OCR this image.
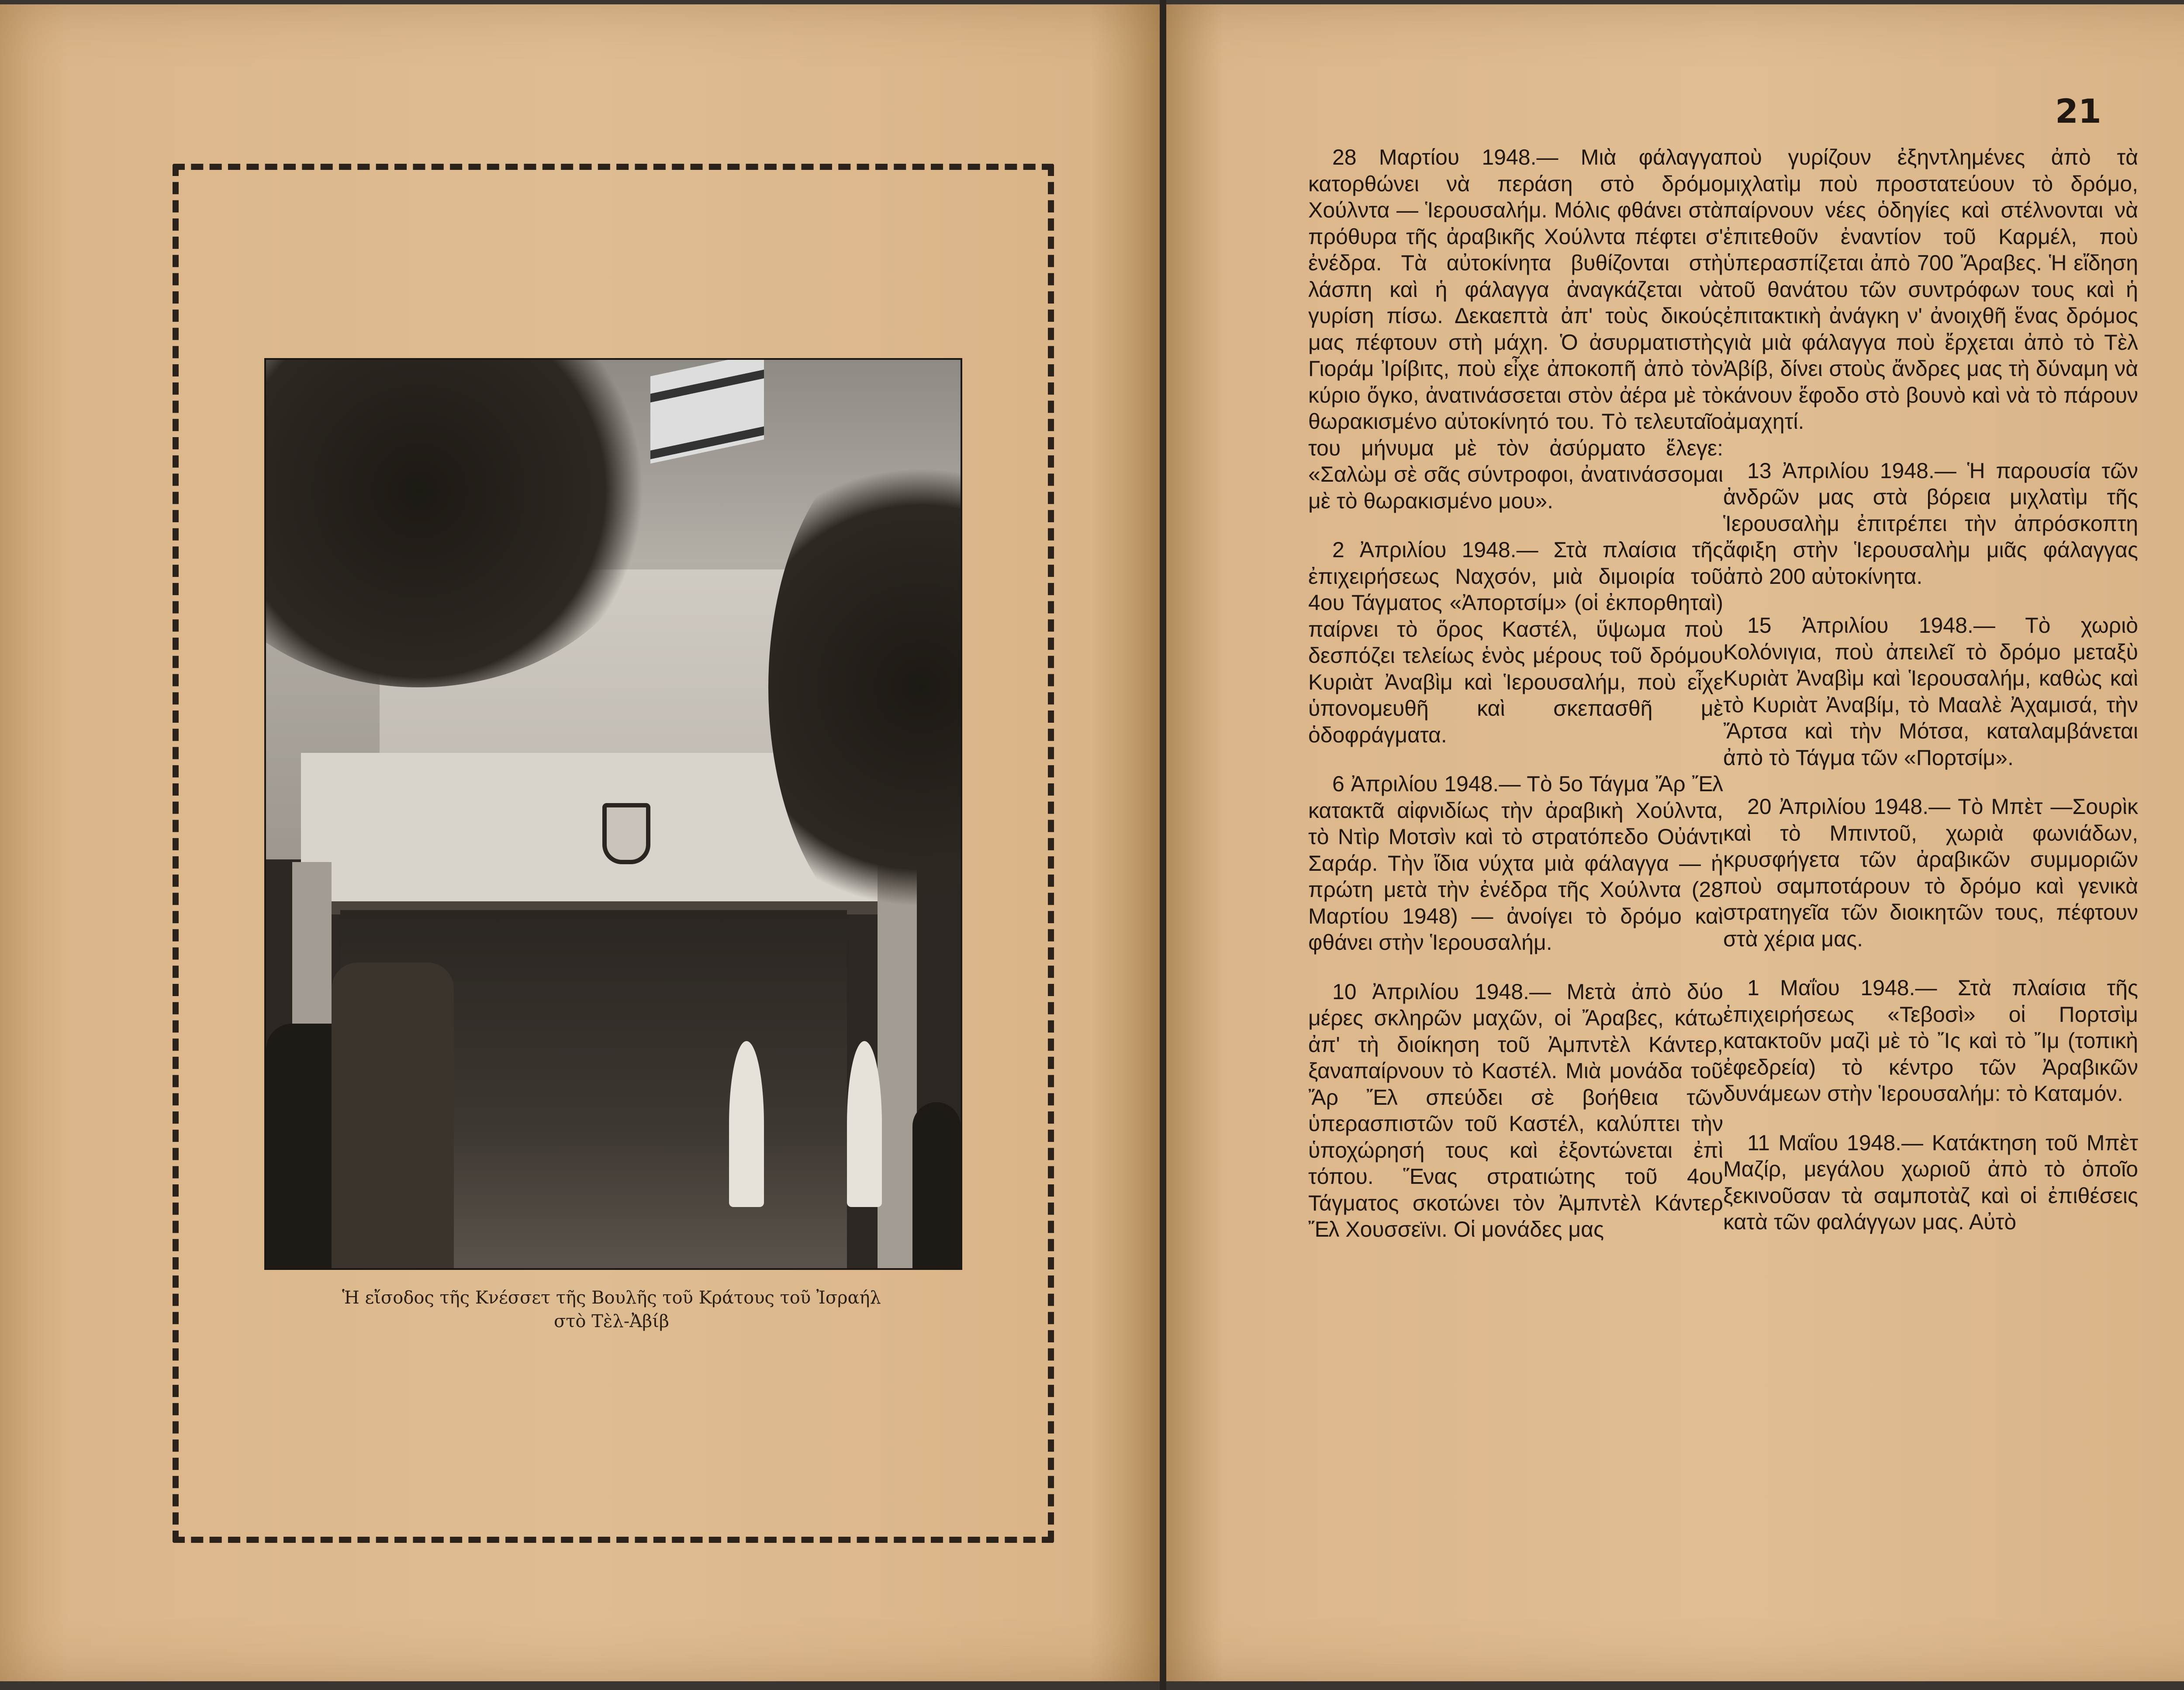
Ἡ εἴσοδος τῆς Κνέσσετ τῆς Βουλῆς τοῦ Κράτους τοῦ Ἰσραήλ
στὸ Τὲλ-Ἀβίβ
21

28 Μαρτίου 1948.— Μιὰ φάλαγγα κατορθώνει νὰ περάση στὸ δρόμο Χούλντα — Ἱερουσαλήμ. Μόλις φθάνει στὰ πρόθυρα τῆς ἀραβικῆς Χούλντα πέφτει σ' ἐνέδρα. Τὰ αὐτοκίνητα βυθίζονται στὴ λάσπη καὶ ἡ φάλαγγα ἀναγκάζεται νὰ γυρίση πίσω. Δεκαεπτὰ ἀπ' τοὺς δικούς μας πέφτουν στὴ μάχη. Ὁ ἀσυρματιστὴς Γιοράμ Ἰρίβιτς, ποὺ εἶχε ἀποκοπῆ ἀπὸ τὸν κύριο ὄγκο, ἀνατινάσσεται στὸν ἀέρα μὲ τὸ θωρακισμένο αὐτοκίνητό του. Τὸ τελευταῖο του μήνυμα μὲ τὸν ἀσύρματο ἔλεγε: «Σαλὼμ σὲ σᾶς σύντροφοι, ἀνατινάσσομαι μὲ τὸ θωρακισμένο μου».

2 Ἀπριλίου 1948.— Στὰ πλαίσια τῆς ἐπιχειρήσεως Ναχσόν, μιὰ διμοιρία τοῦ 4ου Τάγματος «Ἀπορτσίμ» (οἱ ἐκπορθηταὶ) παίρνει τὸ ὄρος Καστέλ, ὕψωμα ποὺ δεσπόζει τελείως ἑνὸς μέρους τοῦ δρόμου Κυριὰτ Ἀναβὶμ καὶ Ἱερουσαλήμ, ποὺ εἶχε ὑπονομευθῆ καὶ σκεπασθῆ μὲ ὁδοφράγματα.

6 Ἀπριλίου 1948.— Τὸ 5ο Τάγμα Ἄρ Ἔλ κατακτᾶ αἰφνιδίως τὴν ἀραβικὴ Χούλντα, τὸ Ντὶρ Μοτσὶν καὶ τὸ στρατόπεδο Οὐάντι Σαράρ. Τὴν ἴδια νύχτα μιὰ φάλαγγα — ἡ πρώτη μετὰ τὴν ἐνέδρα τῆς Χούλντα (28 Μαρτίου 1948) — ἀνοίγει τὸ δρόμο καὶ φθάνει στὴν Ἱερουσαλήμ.

10 Ἀπριλίου 1948.— Μετὰ ἀπὸ δύο μέρες σκληρῶν μαχῶν, οἱ Ἄραβες, κάτω ἀπ' τὴ διοίκηση τοῦ Ἀμπντὲλ Κάντερ, ξαναπαίρνουν τὸ Καστέλ. Μιὰ μονάδα τοῦ Ἄρ Ἔλ σπεύδει σὲ βοήθεια τῶν ὑπερασπιστῶν τοῦ Καστέλ, καλύπτει τὴν ὑποχώρησή τους καὶ ἐξοντώνεται ἐπὶ τόπου. Ἕνας στρατιώτης τοῦ 4ου Τάγματος σκοτώνει τὸν Ἀμπντὲλ Κάντερ Ἔλ Χουσσεϊνι. Οἱ μονάδες μας

ποὺ γυρίζουν ἐξηντλημένες ἀπὸ τὰ μιχλατὶμ ποὺ προστατεύουν τὸ δρόμο, παίρνουν νέες ὁδηγίες καὶ στέλνονται νὰ ἐπιτεθοῦν ἐναντίον τοῦ Καρμέλ, ποὺ ὑπερασπίζεται ἀπὸ 700 Ἄραβες. Ἡ εἴδηση τοῦ θανάτου τῶν συντρόφων τους καὶ ἡ ἐπιτακτικὴ ἀνάγκη ν' ἀνοιχθῆ ἕνας δρόμος γιὰ μιὰ φάλαγγα ποὺ ἔρχεται ἀπὸ τὸ Τὲλ Ἀβίβ, δίνει στοὺς ἄνδρες μας τὴ δύναμη νὰ κάνουν ἔφοδο στὸ βουνὸ καὶ νὰ τὸ πάρουν ἀμαχητί.

13 Ἀπριλίου 1948.— Ἡ παρουσία τῶν ἀνδρῶν μας στὰ βόρεια μιχλατὶμ τῆς Ἱερουσαλὴμ ἐπιτρέπει τὴν ἀπρόσκοπτη ἄφιξη στὴν Ἱερουσαλὴμ μιᾶς φάλαγγας ἀπὸ 200 αὐτοκίνητα.

15 Ἀπριλίου 1948.— Τὸ χωριὸ Κολόνιγια, ποὺ ἀπειλεῖ τὸ δρόμο μεταξὺ Κυριὰτ Ἀναβὶμ καὶ Ἱερουσαλήμ, καθὼς καὶ τὸ Κυριὰτ Ἀναβίμ, τὸ Μααλὲ Ἀχαμισά, τὴν Ἄρτσα καὶ τὴν Μότσα, καταλαμβάνεται ἀπὸ τὸ Τάγμα τῶν «Πορτσίμ».

20 Ἀπριλίου 1948.— Τὸ Μπὲτ —Σουρὶκ καὶ τὸ Μπιντοῦ, χωριὰ φωνιάδων, κρυσφήγετα τῶν ἀραβικῶν συμμοριῶν ποὺ σαμποτάρουν τὸ δρόμο καὶ γενικὰ στρατηγεῖα τῶν διοικητῶν τους, πέφτουν στὰ χέρια μας.

1 Μαΐου 1948.— Στὰ πλαίσια τῆς ἐπιχειρήσεως «Τεβοσὶ» οἱ Πορτσὶμ κατακτοῦν μαζὶ μὲ τὸ Ἴς καὶ τὸ Ἴμ (τοπικὴ ἐφεδρεία) τὸ κέντρο τῶν Ἀραβικῶν δυνάμεων στὴν Ἱερουσαλήμ: τὸ Καταμόν.

11 Μαΐου 1948.— Κατάκτηση τοῦ Μπὲτ Μαζίρ, μεγάλου χωριοῦ ἀπὸ τὸ ὁποῖο ξεκινοῦσαν τὰ σαμποτὰζ καὶ οἱ ἐπιθέσεις κατὰ τῶν φαλάγγων μας. Αὐτὸ
